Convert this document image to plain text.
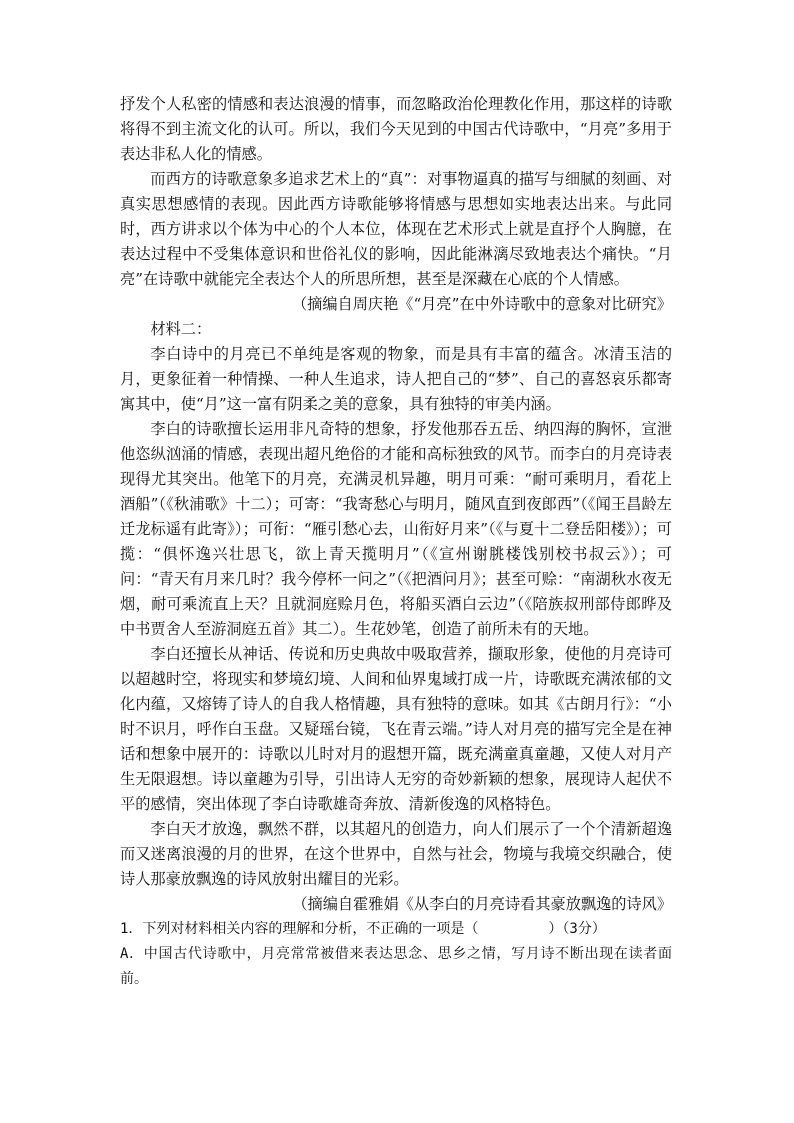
抒发个人私密的情感和表达浪漫的情事，而忽略政治伦理教化作用，那这样的诗歌将得不到主流文化的认可。所以，我们今天见到的中国古代诗歌中，“月亮”多用于表达非私人化的情感。

而西方的诗歌意象多追求艺术上的“真”：对事物逼真的描写与细腻的刻画、对真实思想感情的表现。因此西方诗歌能够将情感与思想如实地表达出来。与此同时，西方讲求以个体为中心的个人本位，体现在艺术形式上就是直抒个人胸臆，在表达过程中不受集体意识和世俗礼仪的影响，因此能淋漓尽致地表达个痛快。“月亮”在诗歌中就能完全表达个人的所思所想，甚至是深藏在心底的个人情感。

（摘编自周庆艳《“月亮”在中外诗歌中的意象对比研究》

材料二：

李白诗中的月亮已不单纯是客观的物象，而是具有丰富的蕴含。冰清玉洁的月，更象征着一种情操、一种人生追求，诗人把自己的“梦”、自己的喜怒哀乐都寄寓其中，使“月”这一富有阴柔之美的意象，具有独特的审美内涵。

李白的诗歌擅长运用非凡奇特的想象，抒发他那吞五岳、纳四海的胸怀，宣泄他恣纵汹涌的情感，表现出超凡绝俗的才能和高标独致的风节。而李白的月亮诗表现得尤其突出。他笔下的月亮，充满灵机异趣，明月可乘：“耐可乘明月，看花上酒船”（《秋浦歌》十二）；可寄：“我寄愁心与明月，随风直到夜郎西”（《闻王昌龄左迁龙标遥有此寄》）；可衔：“雁引愁心去，山衔好月来”（《与夏十二登岳阳楼》）；可揽：“俱怀逸兴壮思飞，欲上青天揽明月”（《宣州谢朓楼饯别校书叔云》）；可问：“青天有月来几时？我今停杯一问之”（《把酒问月》；甚至可赊：“南湖秋水夜无烟，耐可乘流直上天？且就洞庭赊月色，将船买酒白云边”（《陪族叔刑部侍郎晔及中书贾舍人至游洞庭五首》其二）。生花妙笔，创造了前所未有的天地。

李白还擅长从神话、传说和历史典故中吸取营养，撷取形象，使他的月亮诗可以超越时空，将现实和梦境幻境、人间和仙界鬼域打成一片，诗歌既充满浓郁的文化内蕴，又熔铸了诗人的自我人格情趣，具有独特的意味。如其《古朗月行》：“小时不识月，呼作白玉盘。又疑瑶台镜，飞在青云端。”诗人对月亮的描写完全是在神话和想象中展开的：诗歌以儿时对月的遐想开篇，既充满童真童趣，又使人对月产生无限遐想。诗以童趣为引导，引出诗人无穷的奇妙新颖的想象，展现诗人起伏不平的感情，突出体现了李白诗歌雄奇奔放、清新俊逸的风格特色。

李白天才放逸，飘然不群，以其超凡的创造力，向人们展示了一个个清新超逸而又迷离浪漫的月的世界，在这个世界中，自然与社会，物境与我境交织融合，使诗人那豪放飘逸的诗风放射出耀目的光彩。

（摘编自霍雅娟《从李白的月亮诗看其豪放飘逸的诗风》

1．下列对材料相关内容的理解和分析，不正确的一项是（　　　　　）（3分）

A．中国古代诗歌中，月亮常常被借来表达思念、思乡之情，写月诗不断出现在读者面前。
